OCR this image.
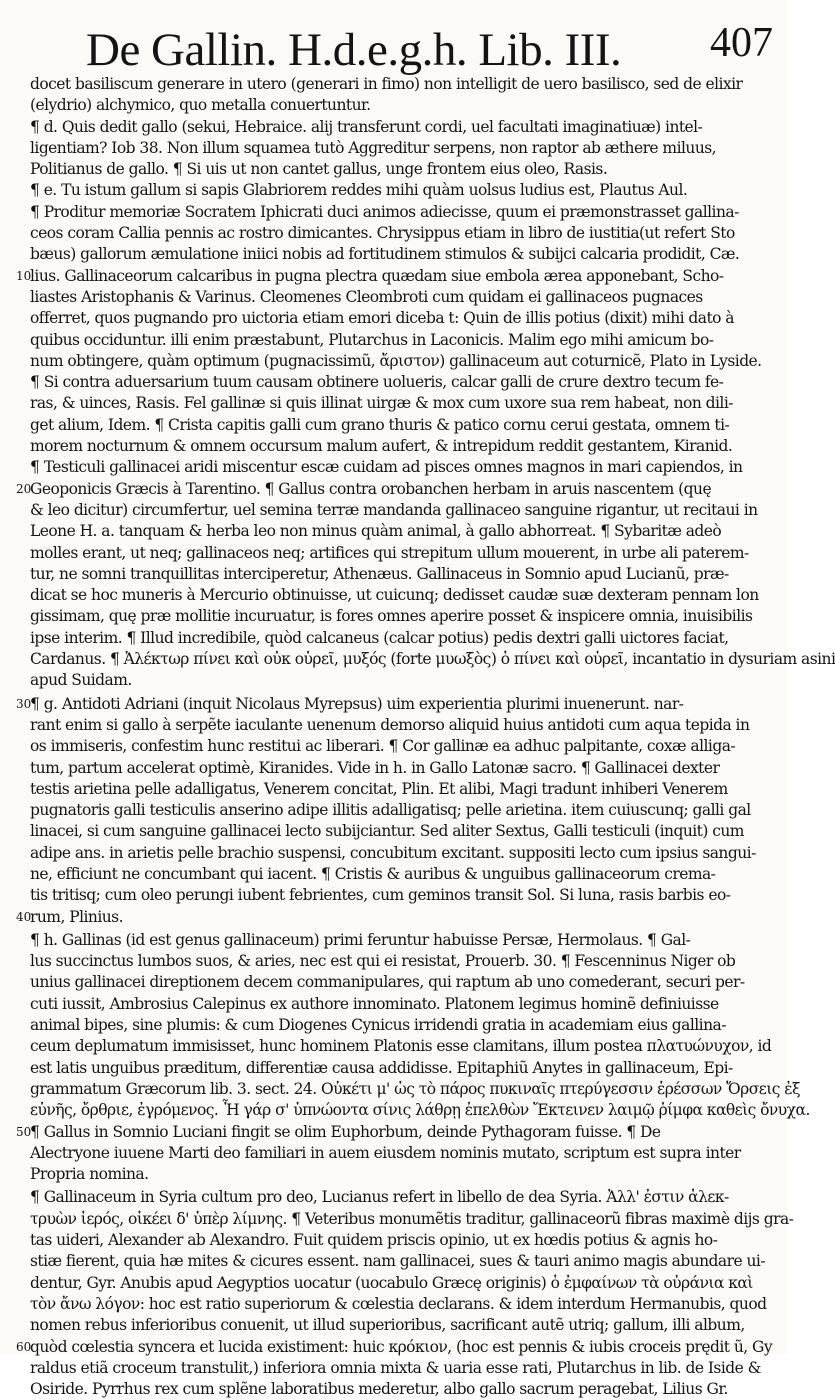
De Gallin. H.d.e.g.h. Lib. III. 407
docet basiliscum generare in utero (generari in fimo) non intelligit de uero basilisco, sed de elixir
(elydrio) alchymico, quo metalla conuertuntur.
¶ d. Quis dedit gallo (sekui, Hebraice. alij transferunt cordi, uel facultati imaginatiuæ) intel-
ligentiam? Iob 38. Non illum squamea tutò Aggreditur serpens, non raptor ab æthere miluus,
Politianus de gallo. ¶ Si uis ut non cantet gallus, unge frontem eius oleo, Rasis.
¶ e. Tu istum gallum si sapis Glabriorem reddes mihi quàm uolsus ludius est, Plautus Aul.
¶ Proditur memoriæ Socratem Iphicrati duci animos adiecisse, quum ei præmonstrasset gallina-
ceos coram Callia pennis ac rostro dimicantes. Chrysippus etiam in libro de iustitia(ut refert Sto
bæus) gallorum æmulatione iniici nobis ad fortitudinem stimulos & subijci calcaria prodidit, Cæ.
10
lius. Gallinaceorum calcaribus in pugna plectra quædam siue embola ærea apponebant, Scho-
liastes Aristophanis & Varinus. Cleomenes Cleombroti cum quidam ei gallinaceos pugnaces
offerret, quos pugnando pro uictoria etiam emori diceba t: Quin de illis potius (dixit) mihi dato à
quibus occiduntur. illi enim præstabunt, Plutarchus in Laconicis. Malim ego mihi amicum bo-
num obtingere, quàm optimum (pugnacissimũ, ἄριστον) gallinaceum aut coturnicẽ, Plato in Lyside.
¶ Si contra aduersarium tuum causam obtinere uolueris, calcar galli de crure dextro tecum fe-
ras, & uinces, Rasis. Fel gallinæ si quis illinat uirgæ & mox cum uxore sua rem habeat, non dili-
get alium, Idem. ¶ Crista capitis galli cum grano thuris & patico cornu cerui gestata, omnem ti-
morem nocturnum & omnem occursum malum aufert, & intrepidum reddit gestantem, Kiranid.
¶ Testiculi gallinacei aridi miscentur escæ cuidam ad pisces omnes magnos in mari capiendos, in
20
Geoponicis Græcis à Tarentino. ¶ Gallus contra orobanchen herbam in aruis nascentem (quę
& leo dicitur) circumfertur, uel semina terræ mandanda gallinaceo sanguine rigantur, ut recitaui in
Leone H. a. tanquam & herba leo non minus quàm animal, à gallo abhorreat. ¶ Sybaritæ adeò
molles erant, ut neq; gallinaceos neq; artifices qui strepitum ullum mouerent, in urbe ali paterem-
tur, ne somni tranquillitas interciperetur, Athenæus. Gallinaceus in Somnio apud Lucianũ, præ-
dicat se hoc muneris à Mercurio obtinuisse, ut cuicunq; dedisset caudæ suæ dexteram pennam lon
gissimam, quę præ mollitie incuruatur, is fores omnes aperire posset & inspicere omnia, inuisibilis
ipse interim. ¶ Illud incredibile, quòd calcaneus (calcar potius) pedis dextri galli uictores faciat,
Cardanus. ¶ Ἀλέκτωρ πίνει καὶ οὐκ οὐρεῖ, μυξός (forte μυωξὸς) ὁ πίνει καὶ οὐρεῖ, incantatio in dysuriam asini
apud Suidam.
30
¶ g. Antidoti Adriani (inquit Nicolaus Myrepsus) uim experientia plurimi inuenerunt. nar-
rant enim si gallo à serpẽte iaculante uenenum demorso aliquid huius antidoti cum aqua tepida in
os immiseris, confestim hunc restitui ac liberari. ¶ Cor gallinæ ea adhuc palpitante, coxæ alliga-
tum, partum accelerat optimè, Kiranides. Vide in h. in Gallo Latonæ sacro. ¶ Gallinacei dexter
testis arietina pelle adalligatus, Venerem concitat, Plin. Et alibi, Magi tradunt inhiberi Venerem
pugnatoris galli testiculis anserino adipe illitis adalligatisq; pelle arietina. item cuiuscunq; galli gal
linacei, si cum sanguine gallinacei lecto subijciantur. Sed aliter Sextus, Galli testiculi (inquit) cum
adipe ans. in arietis pelle brachio suspensi, concubitum excitant. suppositi lecto cum ipsius sangui-
ne, efficiunt ne concumbant qui iacent. ¶ Cristis & auribus & unguibus gallinaceorum crema-
tis tritisq; cum oleo perungi iubent febrientes, cum geminos transit Sol. Si luna, rasis barbis eo-
40
rum, Plinius.
¶ h. Gallinas (id est genus gallinaceum) primi feruntur habuisse Persæ, Hermolaus. ¶ Gal-
lus succinctus lumbos suos, & aries, nec est qui ei resistat, Prouerb. 30. ¶ Fescenninus Niger ob
unius gallinacei direptionem decem commanipulares, qui raptum ab uno comederant, securi per-
cuti iussit, Ambrosius Calepinus ex authore innominato. Platonem legimus hominẽ definiuisse
animal bipes, sine plumis: & cum Diogenes Cynicus irridendi gratia in academiam eius gallina-
ceum deplumatum immisisset, hunc hominem Platonis esse clamitans, illum postea πλατυώνυχον, id
est latis unguibus præditum, differentiæ causa addidisse. Epitaphiũ Anytes in gallinaceum, Epi-
grammatum Græcorum lib. 3. sect. 24. Οὐκέτι μ' ὡς τὸ πάρος πυκιναῖς πτερύγεσσιν ἐρέσσων Ὄρσεις ἐξ
εὐνῆς, ὄρθριε, ἐγρόμενος. Ἦ γάρ σ' ὑπνώοντα σίνις λάθρῃ ἐπελθὼν Ἔκτεινεν λαιμῷ ῥίμφα καθεὶς ὄνυχα.
50
¶ Gallus in Somnio Luciani fingit se olim Euphorbum, deinde Pythagoram fuisse. ¶ De
Alectryone iuuene Marti deo familiari in auem eiusdem nominis mutato, scriptum est supra inter
Propria nomina.
¶ Gallinaceum in Syria cultum pro deo, Lucianus refert in libello de dea Syria. Ἀλλ' ἐστιν ἀλεκ-
τρυὼν ἱερός, οἰκέει δ' ὑπὲρ λίμνης. ¶ Veteribus monumẽtis traditur, gallinaceorũ fibras maximè dijs gra-
tas uideri, Alexander ab Alexandro. Fuit quidem priscis opinio, ut ex hœdis potius & agnis ho-
stiæ fierent, quia hæ mites & cicures essent. nam gallinacei, sues & tauri animo magis abundare ui-
dentur, Gyr. Anubis apud Aegyptios uocatur (uocabulo Græcę originis) ὁ ἐμφαίνων τὰ οὐράνια καὶ
τὸν ἄνω λόγον: hoc est ratio superiorum & cœlestia declarans. & idem interdum Hermanubis, quod
nomen rebus inferioribus conuenit, ut illud superioribus, sacrificant autẽ utriq; gallum, illi album,
60
quòd cœlestia syncera et lucida existiment: huic κρόκιον, (hoc est pennis & iubis croceis prędit ũ, Gy
raldus etiã croceum transtulit,) inferiora omnia mixta & uaria esse rati, Plutarchus in lib. de Iside &
Osiride. Pyrrhus rex cum splẽne laboratibus mederetur, albo gallo sacrum peragebat, Lilius Gr.
